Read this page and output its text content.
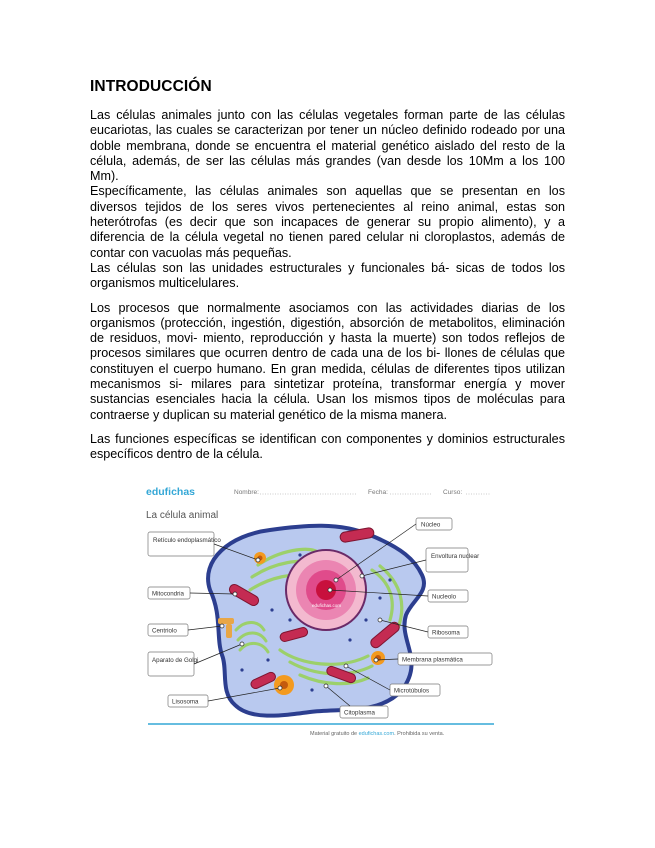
INTRODUCCIÓN

Las células animales junto con las células vegetales forman parte de las células eucariotas, las cuales se caracterizan por tener un núcleo definido rodeado por una doble membrana, donde se encuentra el material genético aislado del resto de la célula, además, de ser las células más grandes (van desde los 10Mm a los 100 Mm).

Específicamente, las células animales son aquellas que se presentan en los diversos tejidos de los seres vivos pertenecientes al reino animal, estas son heterótrofas (es decir que son incapaces de generar su propio alimento), y a diferencia de la célula vegetal no tienen pared celular ni cloroplastos, además de contar con vacuolas más pequeñas.

Las células son las unidades estructurales y funcionales bá- sicas de todos los organismos multicelulares.

Los procesos que normalmente asociamos con las actividades diarias de los organismos (protección, ingestión, digestión, absorción de metabolitos, eliminación de residuos, movi- miento, reproducción y hasta la muerte) son todos reflejos de procesos similares que ocurren dentro de cada una de los bi- llones de células que constituyen el cuerpo humano. En gran medida, células de diferentes tipos utilizan mecanismos si- milares para sintetizar proteína, transformar energía y mover sustancias esenciales hacia la célula. Usan los mismos tipos de moléculas para contraerse y duplican su material genético de la misma manera.

Las funciones específicas se identifican con componentes y dominios estructurales específicos dentro de la célula.

edufichas	Nombre:	Fecha:	Curso:
La célula animal
edufichas.com
Retículo endoplasmático
Mitocondria
Centriolo
Aparato de Golgi
Lisosoma
Núcleo
Envoltura nuclear
Nucleolo
Ribosoma
Membrana plasmática
Microtúbulos
Citoplasma
Material gratuito de edufichas.com. Prohibida su venta.
